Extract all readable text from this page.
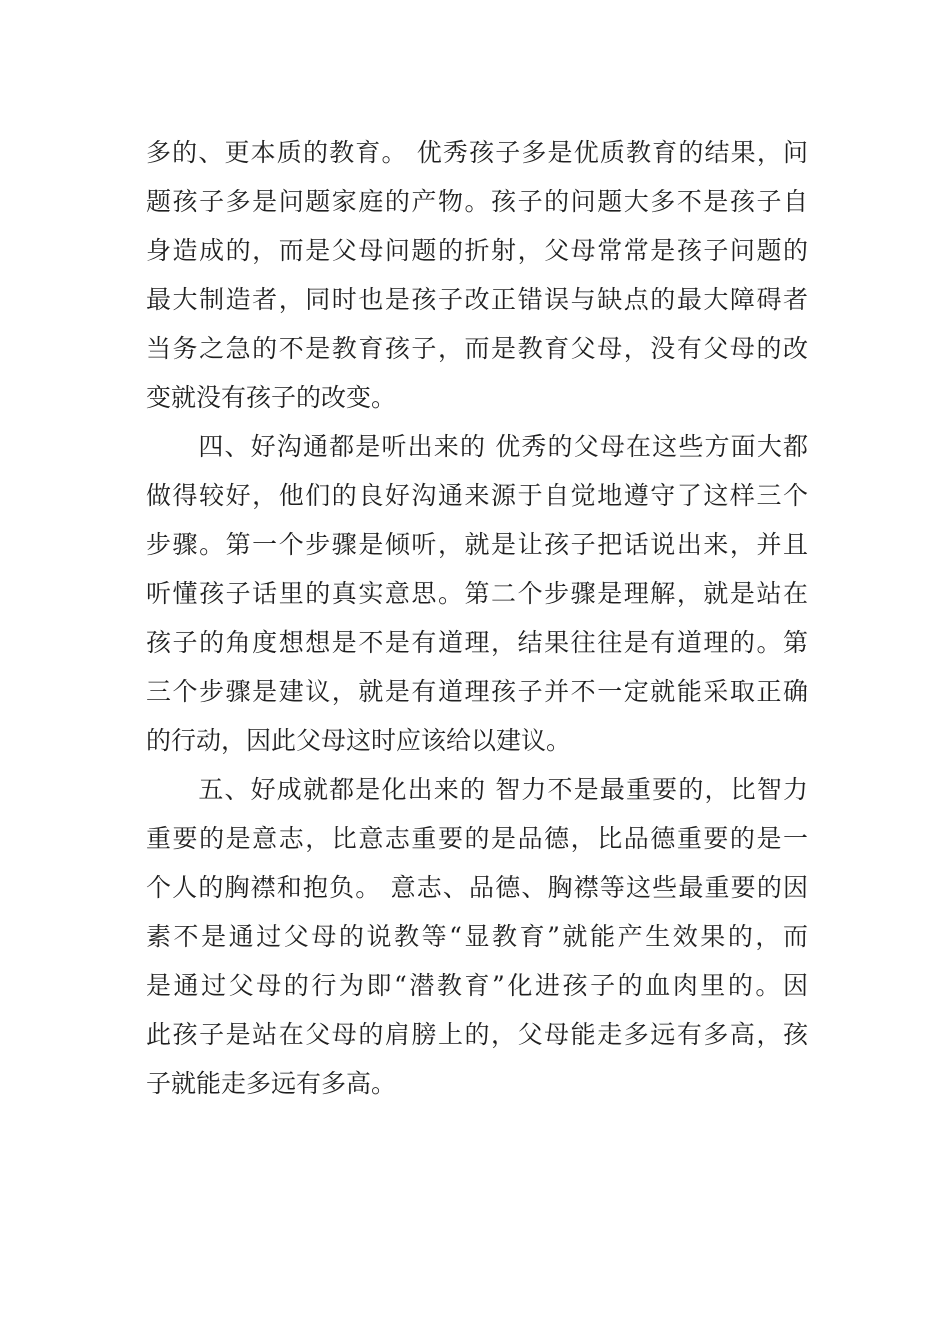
多的、更本质的教育。 优秀孩子多是优质教育的结果，问
题孩子多是问题家庭的产物。孩子的问题大多不是孩子自
身造成的，而是父母问题的折射，父母常常是孩子问题的
最大制造者，同时也是孩子改正错误与缺点的最大障碍者
当务之急的不是教育孩子，而是教育父母，没有父母的改
变就没有孩子的改变。
　　四、好沟通都是听出来的 优秀的父母在这些方面大都
做得较好，他们的良好沟通来源于自觉地遵守了这样三个
步骤。第一个步骤是倾听，就是让孩子把话说出来，并且
听懂孩子话里的真实意思。第二个步骤是理解，就是站在
孩子的角度想想是不是有道理，结果往往是有道理的。第
三个步骤是建议，就是有道理孩子并不一定就能采取正确
的行动，因此父母这时应该给以建议。
　　五、好成就都是化出来的 智力不是最重要的，比智力
重要的是意志，比意志重要的是品德，比品德重要的是一
个人的胸襟和抱负。 意志、品德、胸襟等这些最重要的因
素不是通过父母的说教等“显教育”就能产生效果的，而
是通过父母的行为即“潜教育”化进孩子的血肉里的。因
此孩子是站在父母的肩膀上的，父母能走多远有多高，孩
子就能走多远有多高。
